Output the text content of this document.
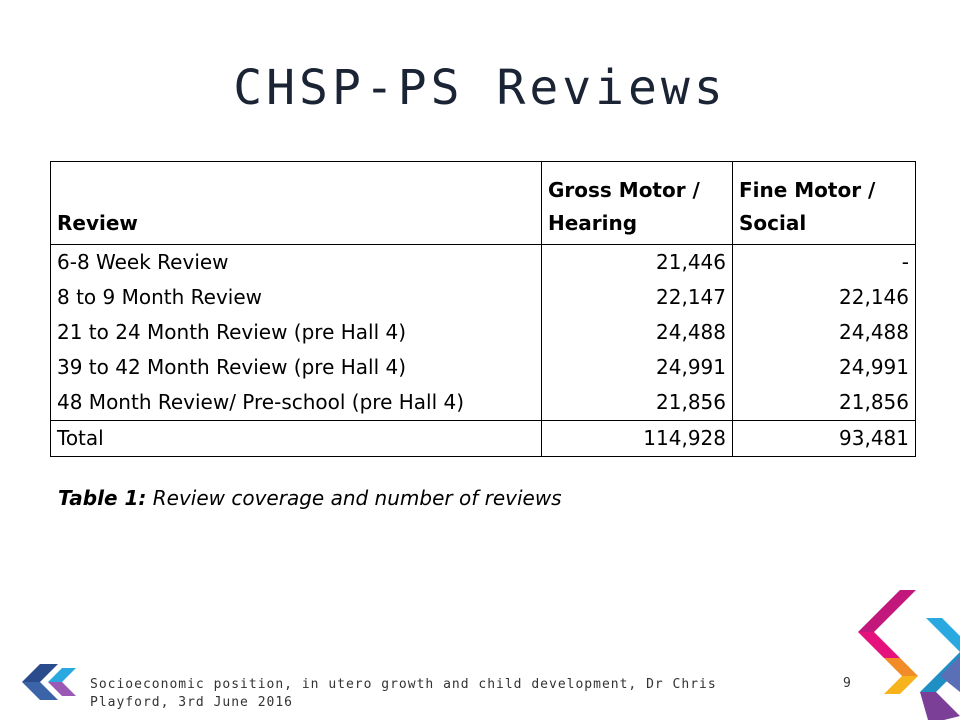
CHSP-PS Reviews
Review	Gross Motor / Hearing	Fine Motor / Social
6-8 Week Review	21,446	-
8 to 9 Month Review	22,147	22,146
21 to 24 Month Review (pre Hall 4)	24,488	24,488
39 to 42 Month Review (pre Hall 4)	24,991	24,991
48 Month Review/ Pre-school (pre Hall 4)	21,856	21,856
Total	114,928	93,481
Table 1: Review coverage and number of reviews
Socioeconomic position, in utero growth and child development, Dr Chris Playford, 3rd June 2016
9
